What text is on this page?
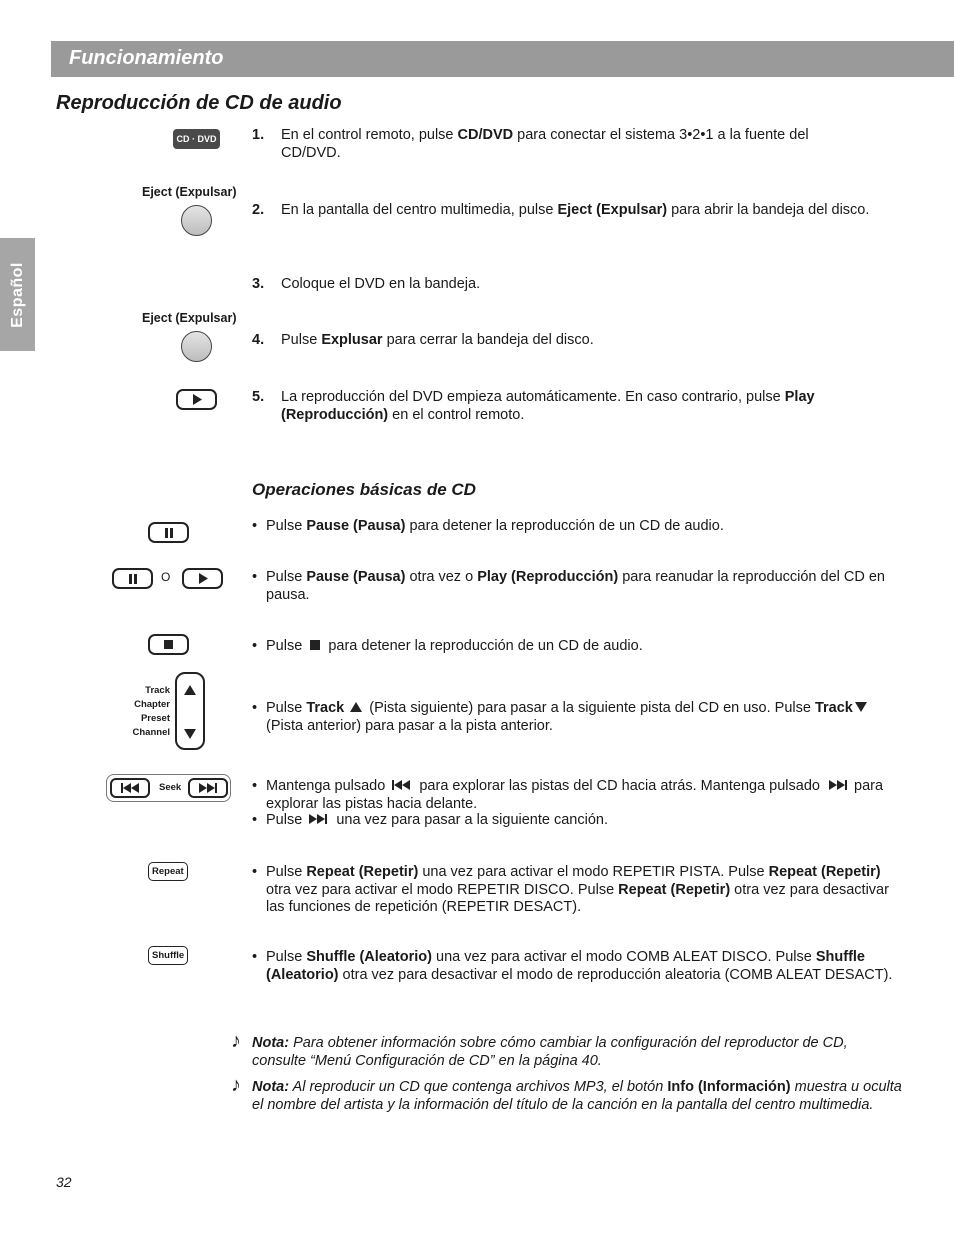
Funcionamiento
Español
Reproducción de CD de audio
CD · DVD 1. En el control remoto, pulse CD/DVD para conectar el sistema 3•2•1 a la fuente del CD/DVD.
Eject (Expulsar)
2. En la pantalla del centro multimedia, pulse Eject (Expulsar) para abrir la bandeja del disco.
3. Coloque el DVD en la bandeja.
Eject (Expulsar)
4. Pulse Explusar para cerrar la bandeja del disco.
5. La reproducción del DVD empieza automáticamente. En caso contrario, pulse Play (Reproducción) en el control remoto.
Operaciones básicas de CD
• Pulse Pause (Pausa) para detener la reproducción de un CD de audio.
O	• Pulse Pause (Pausa) otra vez o Play (Reproducción) para reanudar la reproducción del CD en pausa.
• Pulse  para detener la reproducción de un CD de audio.
Track
Chapter
Preset
Channel
• Pulse Track (Pista siguiente) para pasar a la siguiente pista del CD en uso. Pulse Track (Pista anterior) para pasar a la pista anterior.
Seek	• Mantenga pulsado  para explorar las pistas del CD hacia atrás. Mantenga pulsado  para explorar las pistas hacia delante.
• Pulse  una vez para pasar a la siguiente canción.
Repeat	• Pulse Repeat (Repetir) una vez para activar el modo REPETIR PISTA. Pulse Repeat (Repetir) otra vez para activar el modo REPETIR DISCO. Pulse Repeat (Repetir) otra vez para desactivar las funciones de repetición (REPETIR DESACT).
Shuffle	• Pulse Shuffle (Aleatorio) una vez para activar el modo COMB ALEAT DISCO. Pulse Shuffle (Aleatorio) otra vez para desactivar el modo de reproducción aleatoria (COMB ALEAT DESACT).
♪ Nota: Para obtener información sobre cómo cambiar la configuración del reproductor de CD, consulte “Menú Configuración de CD” en la página 40.
♪ Nota: Al reproducir un CD que contenga archivos MP3, el botón Info (Información) muestra u oculta el nombre del artista y la información del título de la canción en la pantalla del centro multimedia.
32
